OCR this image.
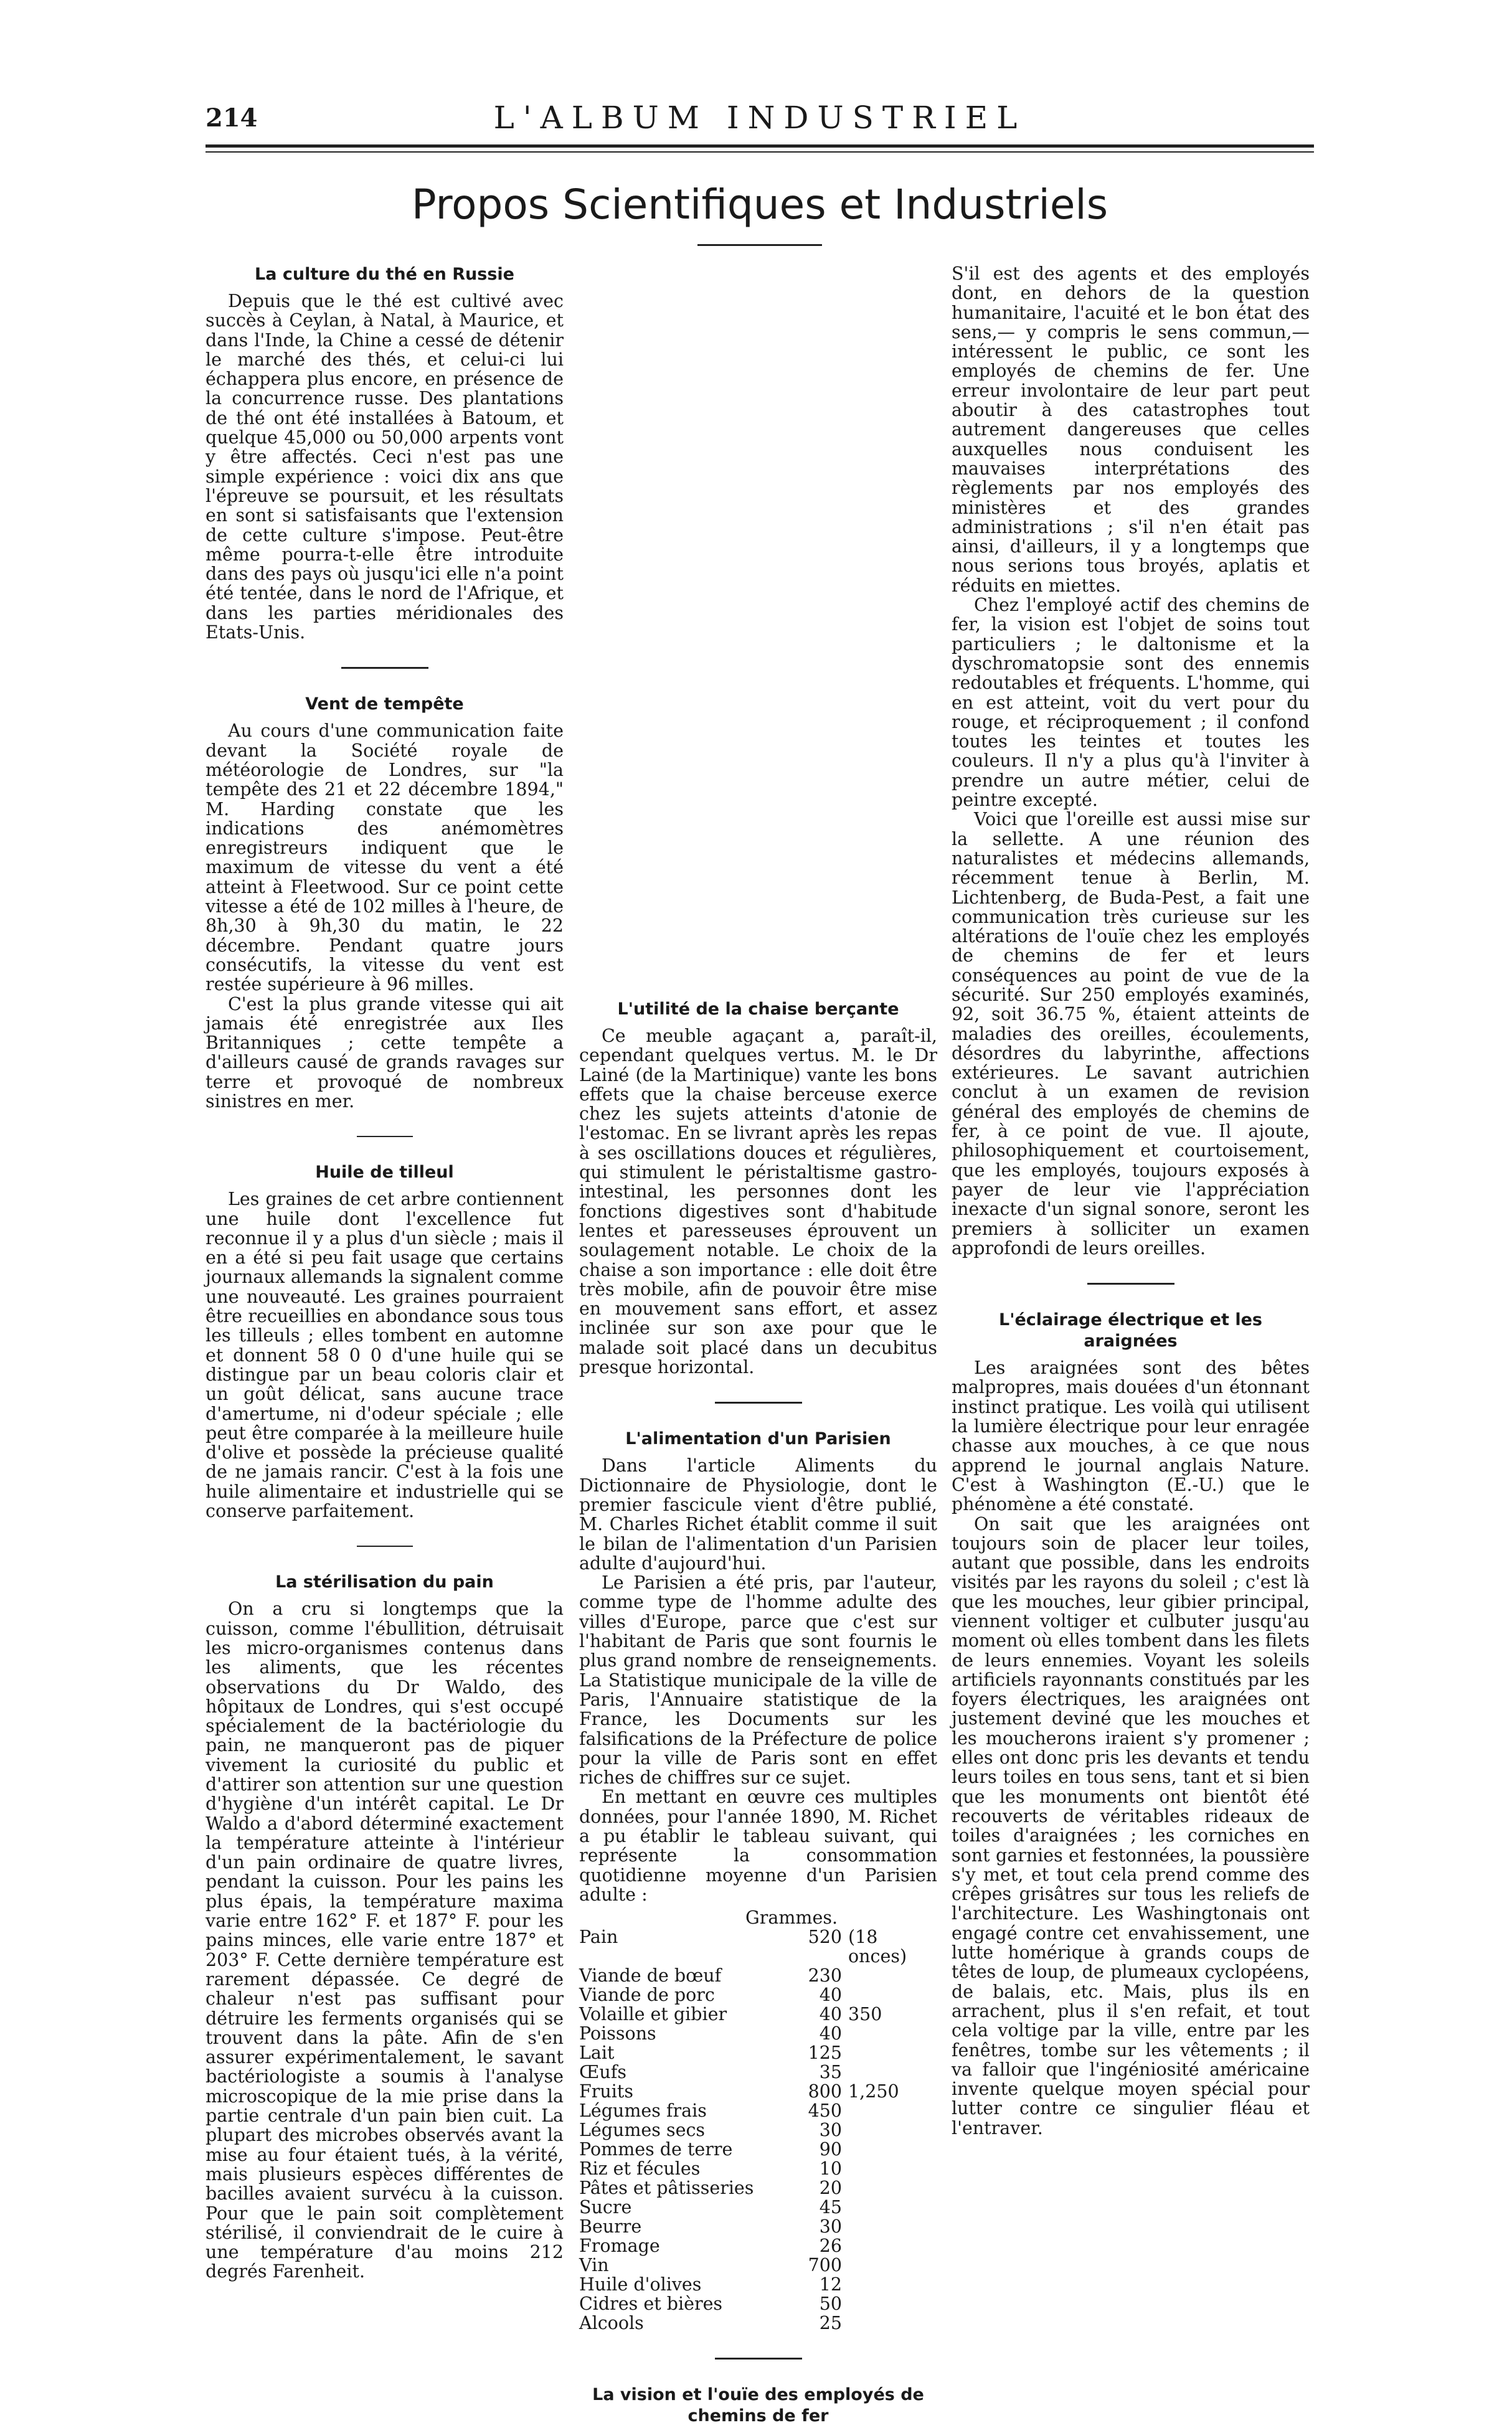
214	L'ALBUM INDUSTRIEL
Propos Scientifiques et Industriels
La culture du thé en Russie

Depuis que le thé est cultivé avec succès à Ceylan, à Natal, à Maurice, et dans l'Inde, la Chine a cessé de détenir le marché des thés, et celui-ci lui échappera plus encore, en présence de la concurrence russe. Des plantations de thé ont été installées à Batoum, et quelque 45,000 ou 50,000 arpents vont y être affectés. Ceci n'est pas une simple expérience : voici dix ans que l'épreuve se poursuit, et les résultats en sont si satisfaisants que l'extension de cette culture s'impose. Peut-être même pourra-t-elle être introduite dans des pays où jusqu'ici elle n'a point été tentée, dans le nord de l'Afrique, et dans les parties méridionales des Etats-Unis.

Vent de tempête

Au cours d'une communication faite devant la Société royale de météorologie de Londres, sur "la tempête des 21 et 22 décembre 1894," M. Harding constate que les indications des anémomètres enregistreurs indiquent que le maximum de vitesse du vent a été atteint à Fleetwood. Sur ce point cette vitesse a été de 102 milles à l'heure, de 8h,30 à 9h,30 du matin, le 22 décembre. Pendant quatre jours consécutifs, la vitesse du vent est restée supérieure à 96 milles.

C'est la plus grande vitesse qui ait jamais été enregistrée aux Iles Britanniques ; cette tempête a d'ailleurs causé de grands ravages sur terre et provoqué de nombreux sinistres en mer.

Huile de tilleul

Les graines de cet arbre contiennent une huile dont l'excellence fut reconnue il y a plus d'un siècle ; mais il en a été si peu fait usage que certains journaux allemands la signalent comme une nouveauté. Les graines pourraient être recueillies en abondance sous tous les tilleuls ; elles tombent en automne et donnent 58 0 0 d'une huile qui se distingue par un beau coloris clair et un goût délicat, sans aucune trace d'amertume, ni d'odeur spéciale ; elle peut être comparée à la meilleure huile d'olive et possède la précieuse qualité de ne jamais rancir. C'est à la fois une huile alimentaire et industrielle qui se conserve parfaitement.

La stérilisation du pain

On a cru si longtemps que la cuisson, comme l'ébullition, détruisait les micro-organismes contenus dans les aliments, que les récentes observations du Dr Waldo, des hôpitaux de Londres, qui s'est occupé spécialement de la bactériologie du pain, ne manqueront pas de piquer vivement la curiosité du public et d'attirer son attention sur une question d'hygiène d'un intérêt capital. Le Dr Waldo a d'abord déterminé exactement la température atteinte à l'intérieur d'un pain ordinaire de quatre livres, pendant la cuisson. Pour les pains les plus épais, la température maxima varie entre 162° F. et 187° F. pour les pains minces, elle varie entre 187° et 203° F. Cette dernière température est rarement dépassée. Ce degré de chaleur n'est pas suffisant pour détruire les ferments organisés qui se trouvent dans la pâte. Afin de s'en assurer expérimentalement, le savant bactériologiste a soumis à l'analyse microscopique de la mie prise dans la partie centrale d'un pain bien cuit. La plupart des microbes observés avant la mise au four étaient tués, à la vérité, mais plusieurs espèces différentes de bacilles avaient survécu à la cuisson. Pour que le pain soit complètement stérilisé, il conviendrait de le cuire à une température d'au moins 212 degrés Farenheit.

L'utilité de la chaise berçante

Ce meuble agaçant a, paraît-il, cependant quelques vertus. M. le Dr Lainé (de la Martinique) vante les bons effets que la chaise berceuse exerce chez les sujets atteints d'atonie de l'estomac. En se livrant après les repas à ses oscillations douces et régulières, qui stimulent le péristaltisme gastro-intestinal, les personnes dont les fonctions digestives sont d'habitude lentes et paresseuses éprouvent un soulagement notable. Le choix de la chaise a son importance : elle doit être très mobile, afin de pouvoir être mise en mouvement sans effort, et assez inclinée sur son axe pour que le malade soit placé dans un decubitus presque horizontal.

L'alimentation d'un Parisien

Dans l'article Aliments du Dictionnaire de Physiologie, dont le premier fascicule vient d'être publié, M. Charles Richet établit comme il suit le bilan de l'alimentation d'un Parisien adulte d'aujourd'hui.

Le Parisien a été pris, par l'auteur, comme type de l'homme adulte des villes d'Europe, parce que c'est sur l'habitant de Paris que sont fournis le plus grand nombre de renseignements. La Statistique municipale de la ville de Paris, l'Annuaire statistique de la France, les Documents sur les falsifications de la Préfecture de police pour la ville de Paris sont en effet riches de chiffres sur ce sujet.

En mettant en œuvre ces multiples données, pour l'année 1890, M. Richet a pu établir le tableau suivant, qui représente la consommation quotidienne moyenne d'un Parisien adulte :

Grammes.
Pain	520 (18 onces)
Viande de bœuf	230
Viande de porc	40
Volaille et gibier	40 350
Poissons	40
Lait	125
Œufs	35
Fruits	800 1,250
Légumes frais	450
Légumes secs	30
Pommes de terre	90
Riz et fécules	10
Pâtes et pâtisseries	20
Sucre	45
Beurre	30
Fromage	26
Vin	700
Huile d'olives	12
Cidres et bières	50
Alcools	25
La vision et l'ouïe des employés de chemins de fer

S'il est des agents et des employés dont, en dehors de la question humanitaire, l'acuité et le bon état des sens,— y compris le sens commun,—intéressent le public, ce sont les employés de chemins de fer. Une erreur involontaire de leur part peut aboutir à des catastrophes tout autrement dangereuses que celles auxquelles nous conduisent les mauvaises interprétations des règlements par nos employés des ministères et des grandes administrations ; s'il n'en était pas ainsi, d'ailleurs, il y a longtemps que nous serions tous broyés, aplatis et réduits en miettes.

Chez l'employé actif des chemins de fer, la vision est l'objet de soins tout particuliers ; le daltonisme et la dyschromatopsie sont des ennemis redoutables et fréquents. L'homme, qui en est atteint, voit du vert pour du rouge, et réciproquement ; il confond toutes les teintes et toutes les couleurs. Il n'y a plus qu'à l'inviter à prendre un autre métier, celui de peintre excepté.

Voici que l'oreille est aussi mise sur la sellette. A une réunion des naturalistes et médecins allemands, récemment tenue à Berlin, M. Lichtenberg, de Buda-Pest, a fait une communication très curieuse sur les altérations de l'ouïe chez les employés de chemins de fer et leurs conséquences au point de vue de la sécurité. Sur 250 employés examinés, 92, soit 36.75 %, étaient atteints de maladies des oreilles, écoulements, désordres du labyrinthe, affections extérieures. Le savant autrichien conclut à un examen de revision général des employés de chemins de fer, à ce point de vue. Il ajoute, philosophiquement et courtoisement, que les employés, toujours exposés à payer de leur vie l'appréciation inexacte d'un signal sonore, seront les premiers à solliciter un examen approfondi de leurs oreilles.

L'éclairage électrique et les araignées

Les araignées sont des bêtes malpropres, mais douées d'un étonnant instinct pratique. Les voilà qui utilisent la lumière électrique pour leur enragée chasse aux mouches, à ce que nous apprend le journal anglais Nature. C'est à Washington (E.-U.) que le phénomène a été constaté.

On sait que les araignées ont toujours soin de placer leur toiles, autant que possible, dans les endroits visités par les rayons du soleil ; c'est là que les mouches, leur gibier principal, viennent voltiger et culbuter jusqu'au moment où elles tombent dans les filets de leurs ennemies. Voyant les soleils artificiels rayonnants constitués par les foyers électriques, les araignées ont justement deviné que les mouches et les moucherons iraient s'y promener ; elles ont donc pris les devants et tendu leurs toiles en tous sens, tant et si bien que les monuments ont bientôt été recouverts de véritables rideaux de toiles d'araignées ; les corniches en sont garnies et festonnées, la poussière s'y met, et tout cela prend comme des crêpes grisâtres sur tous les reliefs de l'architecture. Les Washingtonais ont engagé contre cet envahissement, une lutte homérique à grands coups de têtes de loup, de plumeaux cyclopéens, de balais, etc. Mais, plus ils en arrachent, plus il s'en refait, et tout cela voltige par la ville, entre par les fenêtres, tombe sur les vêtements ; il va falloir que l'ingéniosité américaine invente quelque moyen spécial pour lutter contre ce singulier fléau et l'entraver.
